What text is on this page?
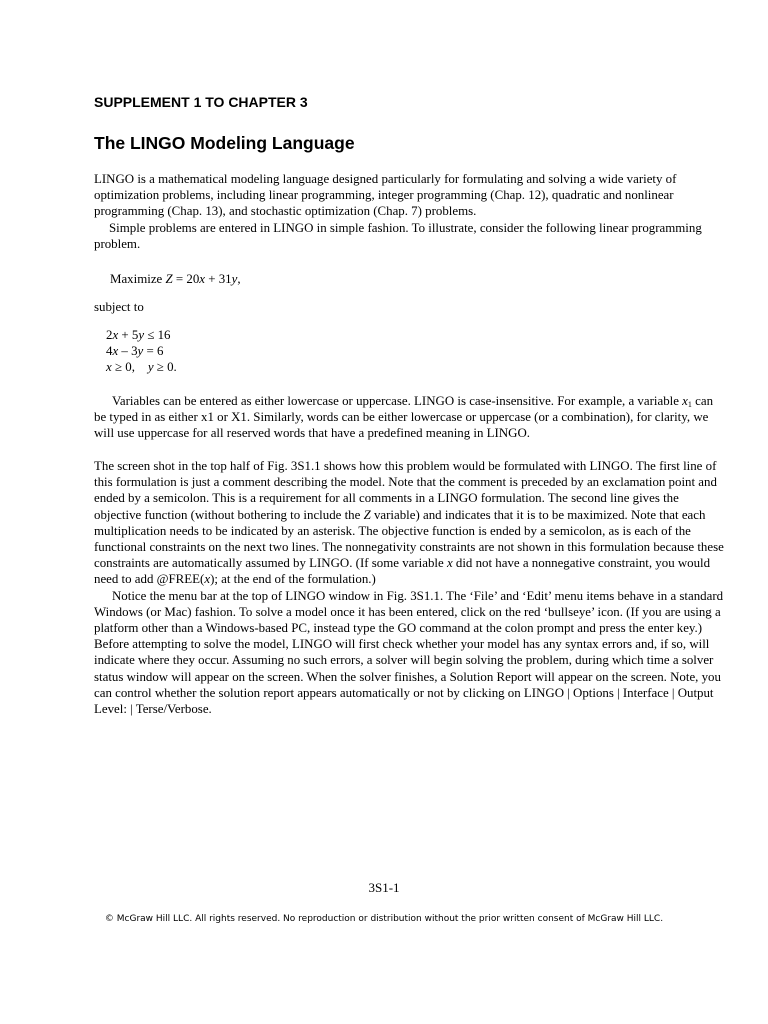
SUPPLEMENT 1 TO CHAPTER 3
The LINGO Modeling Language
LINGO is a mathematical modeling language designed particularly for formulating and solving a wide variety of optimization problems, including linear programming, integer programming (Chap. 12), quadratic and nonlinear programming (Chap. 13), and stochastic optimization (Chap. 7) problems.
Simple problems are entered in LINGO in simple fashion. To illustrate, consider the following linear programming problem.
Maximize Z = 20x + 31y,
subject to
2x + 5y ≤ 16
4x – 3y = 6
x ≥ 0,    y ≥ 0.
Variables can be entered as either lowercase or uppercase. LINGO is case-insensitive. For example, a variable $x_1$ can be typed in as either x1 or X1. Similarly, words can be either lowercase or uppercase (or a combination), for clarity, we will use uppercase for all reserved words that have a predefined meaning in LINGO.
The screen shot in the top half of Fig. 3S1.1 shows how this problem would be formulated with LINGO. The first line of this formulation is just a comment describing the model. Note that the comment is preceded by an exclamation point and ended by a semicolon. This is a requirement for all comments in a LINGO formulation. The second line gives the objective function (without bothering to include the Z variable) and indicates that it is to be maximized. Note that each multiplication needs to be indicated by an asterisk. The objective function is ended by a semicolon, as is each of the functional constraints on the next two lines. The nonnegativity constraints are not shown in this formulation because these constraints are automatically assumed by LINGO. (If some variable x did not have a nonnegative constraint, you would need to add @FREE(x); at the end of the formulation.)
Notice the menu bar at the top of LINGO window in Fig. 3S1.1. The ‘File’ and ‘Edit’ menu items behave in a standard Windows (or Mac) fashion. To solve a model once it has been entered, click on the red ‘bullseye’ icon. (If you are using a platform other than a Windows-based PC, instead type the GO command at the colon prompt and press the enter key.) Before attempting to solve the model, LINGO will first check whether your model has any syntax errors and, if so, will indicate where they occur. Assuming no such errors, a solver will begin solving the problem, during which time a solver status window will appear on the screen. When the solver finishes, a Solution Report will appear on the screen. Note, you can control whether the solution report appears automatically or not by clicking on LINGO | Options | Interface | Output Level: | Terse/Verbose.
3S1-1
© McGraw Hill LLC. All rights reserved. No reproduction or distribution without the prior written consent of McGraw Hill LLC.
